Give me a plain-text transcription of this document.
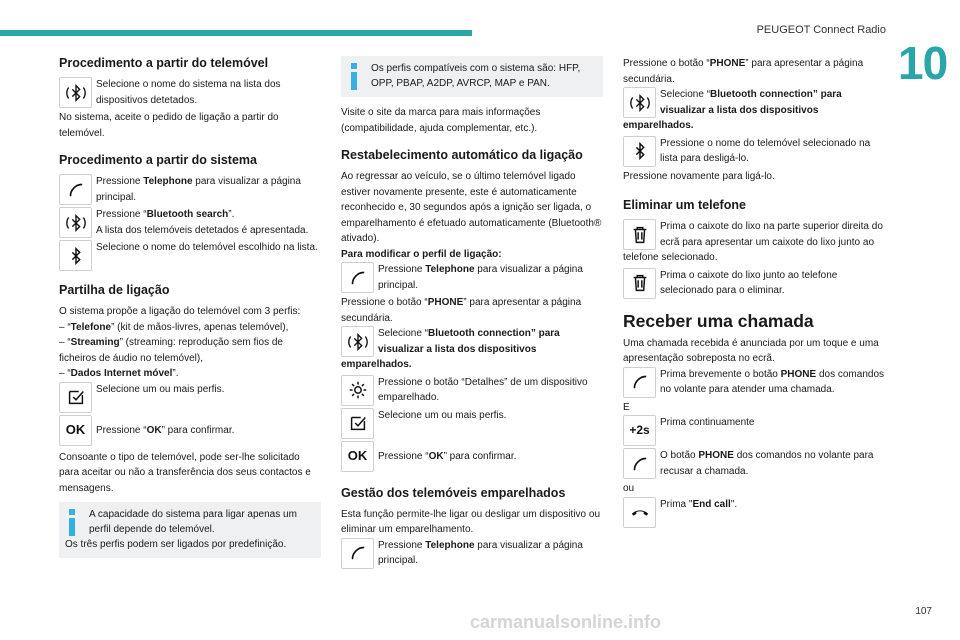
PEUGEOT Connect Radio
10
Procedimento a partir do telemóvel
Selecione o nome do sistema na lista dos dispositivos detetados.
No sistema, aceite o pedido de ligação a partir do telemóvel.
Procedimento a partir do sistema
Pressione Telephone para visualizar a página principal.
Pressione “Bluetooth search”.
A lista dos telemóveis detetados é apresentada.
Selecione o nome do telemóvel escolhido na lista.
Partilha de ligação
O sistema propõe a ligação do telemóvel com 3 perfis:
– “Telefone” (kit de mãos-livres, apenas telemóvel),
– “Streaming” (streaming: reprodução sem fios de ficheiros de áudio no telemóvel),
– “Dados Internet móvel”.
Selecione um ou mais perfis.
OK Pressione “OK” para confirmar.
Consoante o tipo de telemóvel, pode ser-lhe solicitado para aceitar ou não a transferência dos seus contactos e mensagens.
A capacidade do sistema para ligar apenas um perfil depende do telemóvel.
Os três perfis podem ser ligados por predefinição.
Os perfis compatíveis com o sistema são: HFP, OPP, PBAP, A2DP, AVRCP, MAP e PAN.
Visite o site da marca para mais informações (compatibilidade, ajuda complementar, etc.).
Restabelecimento automático da ligação
Ao regressar ao veículo, se o último telemóvel ligado estiver novamente presente, este é automaticamente reconhecido e, 30 segundos após a ignição ser ligada, o emparelhamento é efetuado automaticamente (Bluetooth® ativado).
Para modificar o perfil de ligação:
Pressione Telephone para visualizar a página principal.
Pressione o botão “PHONE” para apresentar a página secundária.
Selecione “Bluetooth connection” para visualizar a lista dos dispositivos emparelhados.
Pressione o botão “Detalhes” de um dispositivo emparelhado.
Selecione um ou mais perfis.
OK Pressione “OK” para confirmar.
Gestão dos telemóveis emparelhados
Esta função permite-lhe ligar ou desligar um dispositivo ou eliminar um emparelhamento.
Pressione Telephone para visualizar a página principal.
Pressione o botão “PHONE” para apresentar a página secundária.
Selecione “Bluetooth connection” para visualizar a lista dos dispositivos emparelhados.
Pressione o nome do telemóvel selecionado na lista para desligá-lo.
Pressione novamente para ligá-lo.
Eliminar um telefone
Prima o caixote do lixo na parte superior direita do ecrã para apresentar um caixote do lixo junto ao telefone selecionado.
Prima o caixote do lixo junto ao telefone selecionado para o eliminar.
Receber uma chamada
Uma chamada recebida é anunciada por um toque e uma apresentação sobreposta no ecrã.
Prima brevemente o botão PHONE dos comandos no volante para atender uma chamada.
E
+2s
Prima continuamente
O botão PHONE dos comandos no volante para recusar a chamada.
ou
Prima "End call".
107
carmanualsonline.info
